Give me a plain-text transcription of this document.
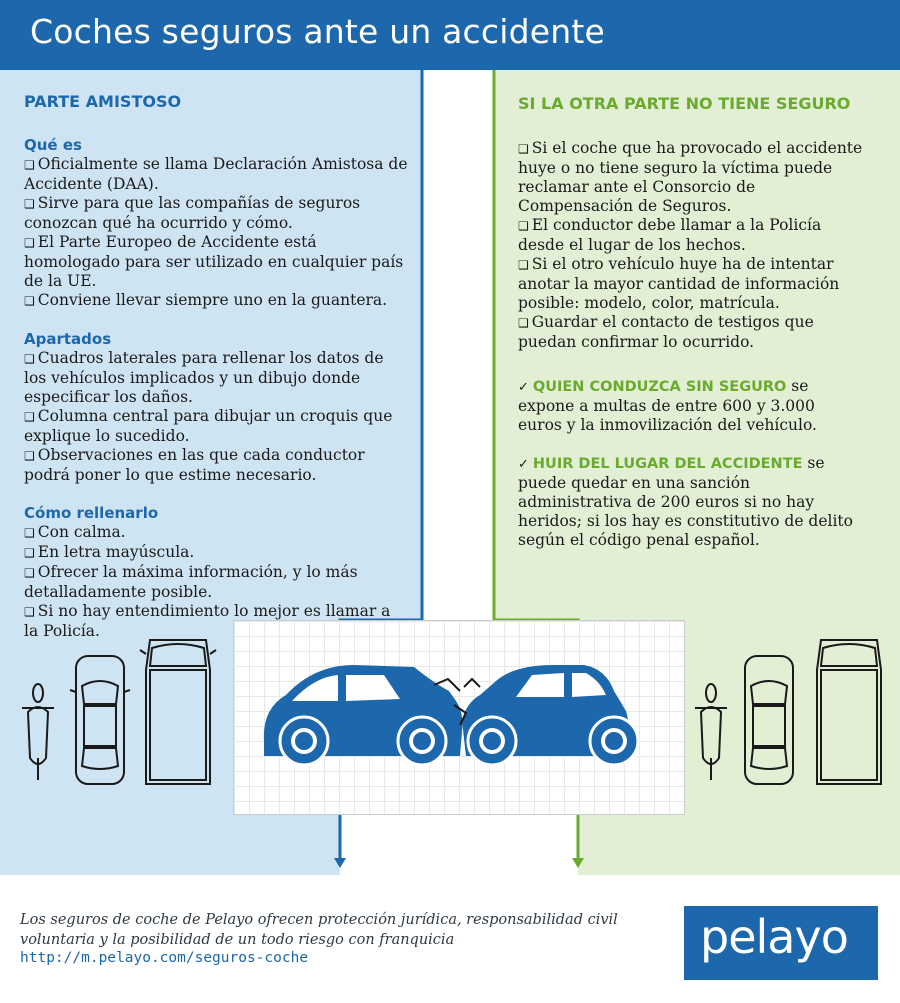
Coches seguros ante un accidente

PARTE AMISTOSO

Qué es

❑ Oficialmente se llama Declaración Amistosa de Accidente (DAA).

❑ Sirve para que las compañías de seguros conozcan qué ha ocurrido y cómo.

❑ El Parte Europeo de Accidente está homologado para ser utilizado en cualquier país de la UE.

❑ Conviene llevar siempre uno en la guantera.

Apartados

❑ Cuadros laterales para rellenar los datos de los vehículos implicados y un dibujo donde especificar los daños.

❑ Columna central para dibujar un croquis que explique lo sucedido.

❑ Observaciones en las que cada conductor podrá poner lo que estime necesario.

Cómo rellenarlo

❑ Con calma.

❑ En letra mayúscula.

❑ Ofrecer la máxima información, y lo más detalladamente posible.

❑ Si no hay entendimiento lo mejor es llamar a la Policía.

SI LA OTRA PARTE NO TIENE SEGURO

❑ Si el coche que ha provocado el accidente huye o no tiene seguro la víctima puede reclamar ante el Consorcio de Compensación de Seguros.

❑ El conductor debe llamar a la Policía desde el lugar de los hechos.

❑ Si el otro vehículo huye ha de intentar anotar la mayor cantidad de información posible: modelo, color, matrícula.

❑ Guardar el contacto de testigos que puedan confirmar lo ocurrido.

✓ QUIEN CONDUZCA SIN SEGURO se expone a multas de entre 600 y 3.000 euros y la inmovilización del vehículo.

✓ HUIR DEL LUGAR DEL ACCIDENTE se puede quedar en una sanción administrativa de 200 euros si no hay heridos; si los hay es constitutivo de delito según el código penal español.

Los seguros de coche de Pelayo ofrecen protección jurídica, responsabilidad civil

voluntaria y la posibilidad de un todo riesgo con franquicia

http://m.pelayo.com/seguros-coche	pelayo
